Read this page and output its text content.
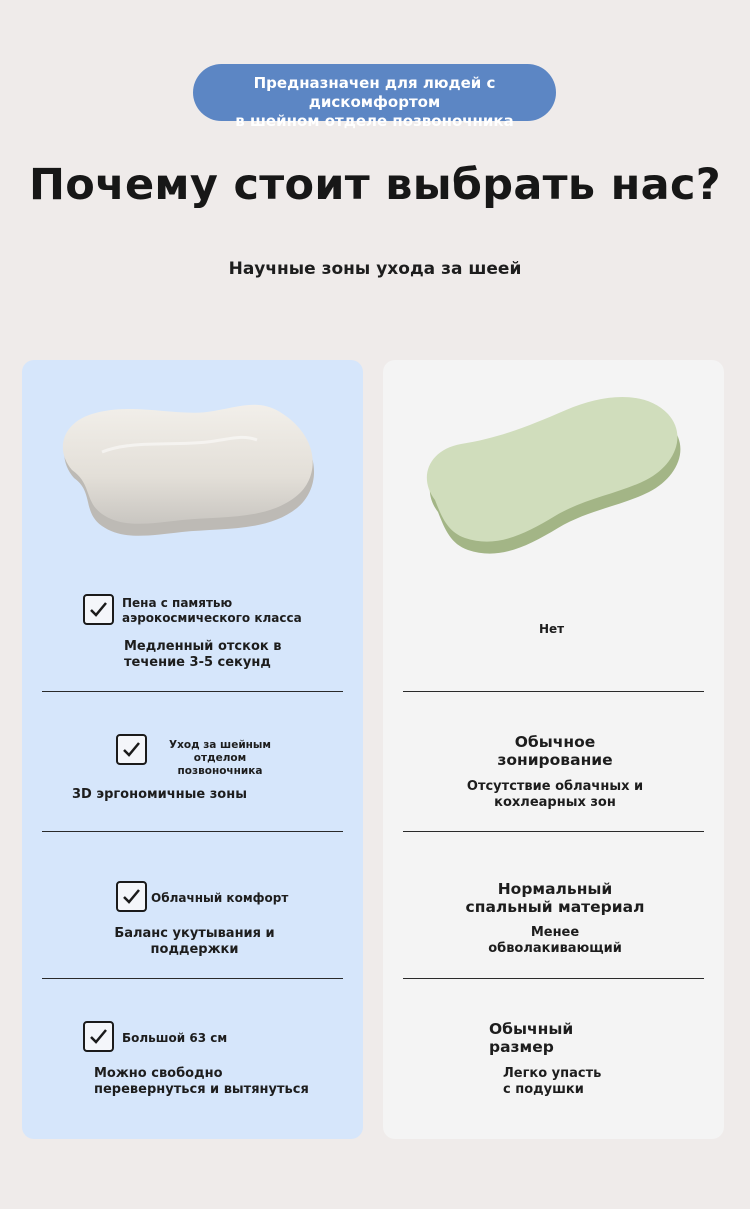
Предназначен для людей с дискомфортом
в шейном отделе позвоночника
Почему стоит выбрать нас?
Научные зоны ухода за шеей
Пена с памятью
аэрокосмического класса
Медленный отскок в
течение 3-5 секунд
Уход за шейным
отделом позвоночника
3D эргономичные зоны
Облачный комфорт
Баланс укутывания и
поддержки
Большой 63 см
Можно свободно
перевернуться и вытянуться
Нет
Обычное
зонирование
Отсутствие облачных и
кохлеарных зон
Нормальный
спальный материал
Менее
обволакивающий
Обычный
размер
Легко упасть
с подушки
